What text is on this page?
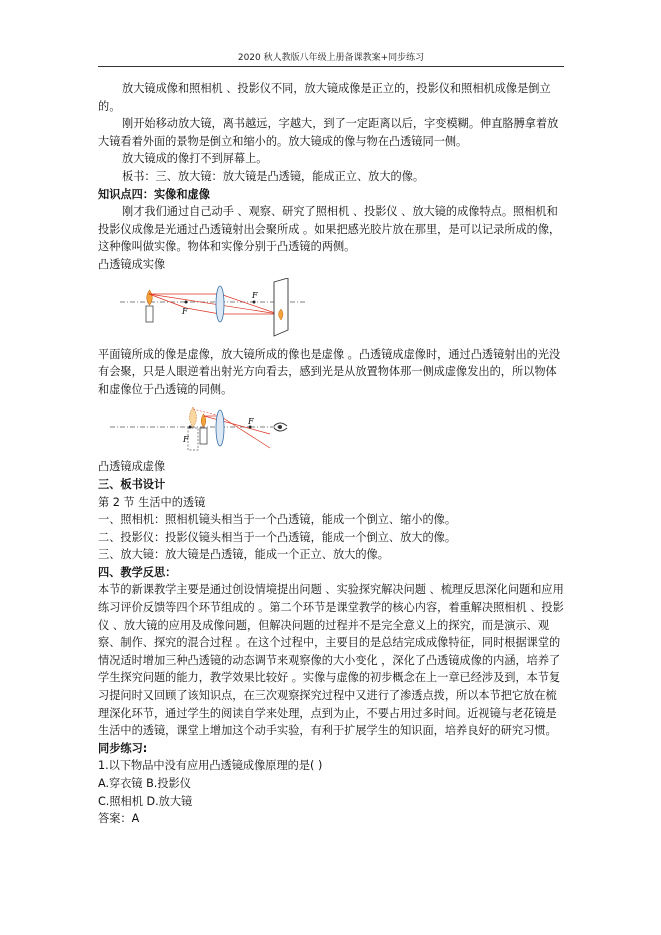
2020 秋人教版八年级上册备课教案+同步练习

放大镜成像和照相机 、投影仪不同，放大镜成像是正立的，投影仪和照相机成像是倒立的。

刚开始移动放大镜，离书越远，字越大，到了一定距离以后，字变模糊。伸直胳膊拿着放大镜看着外面的景物是倒立和缩小的。放大镜成的像与物在凸透镜同一侧。

放大镜成的像打不到屏幕上。

板书：三、放大镜：放大镜是凸透镜，能成正立、放大的像。

知识点四：实像和虚像

刚才我们通过自己动手 、观察、研究了照相机 、投影仪 、放大镜的成像特点。照相机和投影仪成像是光通过凸透镜射出会聚所成 。如果把感光胶片放在那里，是可以记录所成的像，这种像叫做实像。物体和实像分别于凸透镜的两侧。

凸透镜成实像

F
F

平面镜所成的像是虚像，放大镜所成的像也是虚像 。凸透镜成虚像时，通过凸透镜射出的光没有会聚，只是人眼逆着出射光方向看去，感到光是从放置物体那一侧成虚像发出的，所以物体和虚像位于凸透镜的同侧。

F
F

凸透镜成虚像

三、板书设计

第 2 节 生活中的透镜

一、照相机：照相机镜头相当于一个凸透镜，能成一个倒立、缩小的像。

二、投影仪：投影仪镜头相当于一个凸透镜，能成一个倒立、放大的像。

三、放大镜：放大镜是凸透镜，能成一个正立、放大的像。

四、教学反思：

本节的新课教学主要是通过创设情境提出问题 、实验探究解决问题 、梳理反思深化问题和应用练习评价反馈等四个环节组成的 。第二个环节是课堂教学的核心内容，着重解决照相机 、投影仪 、放大镜的应用及成像问题，但解决问题的过程并不是完全意义上的探究，而是演示、观察、制作、探究的混合过程 。在这个过程中，主要目的是总结完成成像特征，同时根据课堂的情况适时增加三种凸透镜的动态调节来观察像的大小变化 ，深化了凸透镜成像的内涵，培养了学生探究问题的能力，教学效果比较好 。实像与虚像的初步概念在上一章已经涉及到，本节复习提问时又回顾了该知识点，在三次观察探究过程中又进行了渗透点拨，所以本节把它放在梳理深化环节，通过学生的阅读自学来处理，点到为止，不要占用过多时间。近视镜与老花镜是生活中的透镜，课堂上增加这个动手实验，有利于扩展学生的知识面，培养良好的研究习惯。

同步练习:

1.以下物品中没有应用凸透镜成像原理的是( )

A.穿衣镜 B.投影仪

C.照相机 D.放大镜

答案：A
